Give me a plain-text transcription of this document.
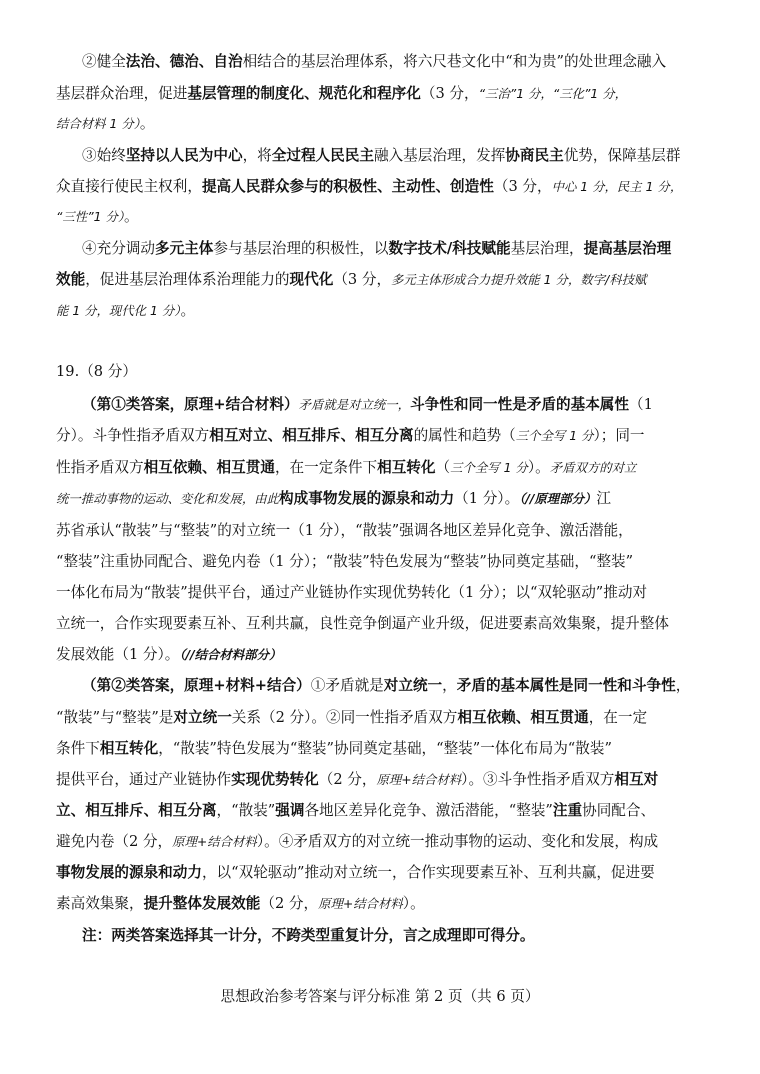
②健全法治、德治、自治相结合的基层治理体系，将六尺巷文化中“和为贵”的处世理念融入
基层群众治理，促进基层管理的制度化、规范化和程序化（3 分，“三治”1 分，“三化”1 分，
结合材料 1 分）。
③始终坚持以人民为中心，将全过程人民民主融入基层治理，发挥协商民主优势，保障基层群
众直接行使民主权利，提高人民群众参与的积极性、主动性、创造性（3 分，中心 1 分，民主 1 分，
“三性”1 分）。
④充分调动多元主体参与基层治理的积极性，以数字技术/科技赋能基层治理，提高基层治理
效能，促进基层治理体系治理能力的现代化（3 分，多元主体形成合力提升效能 1 分，数字/科技赋
能 1 分，现代化 1 分）。
19.（8 分）
（第①类答案，原理+结合材料）矛盾就是对立统一，斗争性和同一性是矛盾的基本属性（1
分）。斗争性指矛盾双方相互对立、相互排斥、相互分离的属性和趋势（三个全写 1 分）；同一
性指矛盾双方相互依赖、相互贯通，在一定条件下相互转化（三个全写 1 分）。矛盾双方的对立
统一推动事物的运动、变化和发展，由此构成事物发展的源泉和动力（1 分）。（//原理部分）江
苏省承认“散装”与“整装”的对立统一（1 分），“散装”强调各地区差异化竞争、激活潜能，
“整装”注重协同配合、避免内卷（1 分）；“散装”特色发展为“整装”协同奠定基础，“整装”
一体化布局为“散装”提供平台，通过产业链协作实现优势转化（1 分）；以“双轮驱动”推动对
立统一，合作实现要素互补、互利共赢，良性竞争倒逼产业升级，促进要素高效集聚，提升整体
发展效能（1 分）。（//结合材料部分）
（第②类答案，原理+材料+结合）①矛盾就是对立统一，矛盾的基本属性是同一性和斗争性，
“散装”与“整装”是对立统一关系（2 分）。②同一性指矛盾双方相互依赖、相互贯通，在一定
条件下相互转化，“散装”特色发展为“整装”协同奠定基础，“整装”一体化布局为“散装”
提供平台，通过产业链协作实现优势转化（2 分，原理+结合材料）。③斗争性指矛盾双方相互对
立、相互排斥、相互分离，“散装”强调各地区差异化竞争、激活潜能，“整装”注重协同配合、
避免内卷（2 分，原理+结合材料）。④矛盾双方的对立统一推动事物的运动、变化和发展，构成
事物发展的源泉和动力，以“双轮驱动”推动对立统一，合作实现要素互补、互利共赢，促进要
素高效集聚，提升整体发展效能（2 分，原理+结合材料）。
注：两类答案选择其一计分，不跨类型重复计分，言之成理即可得分。
思想政治参考答案与评分标准 第 2 页（共 6 页）
